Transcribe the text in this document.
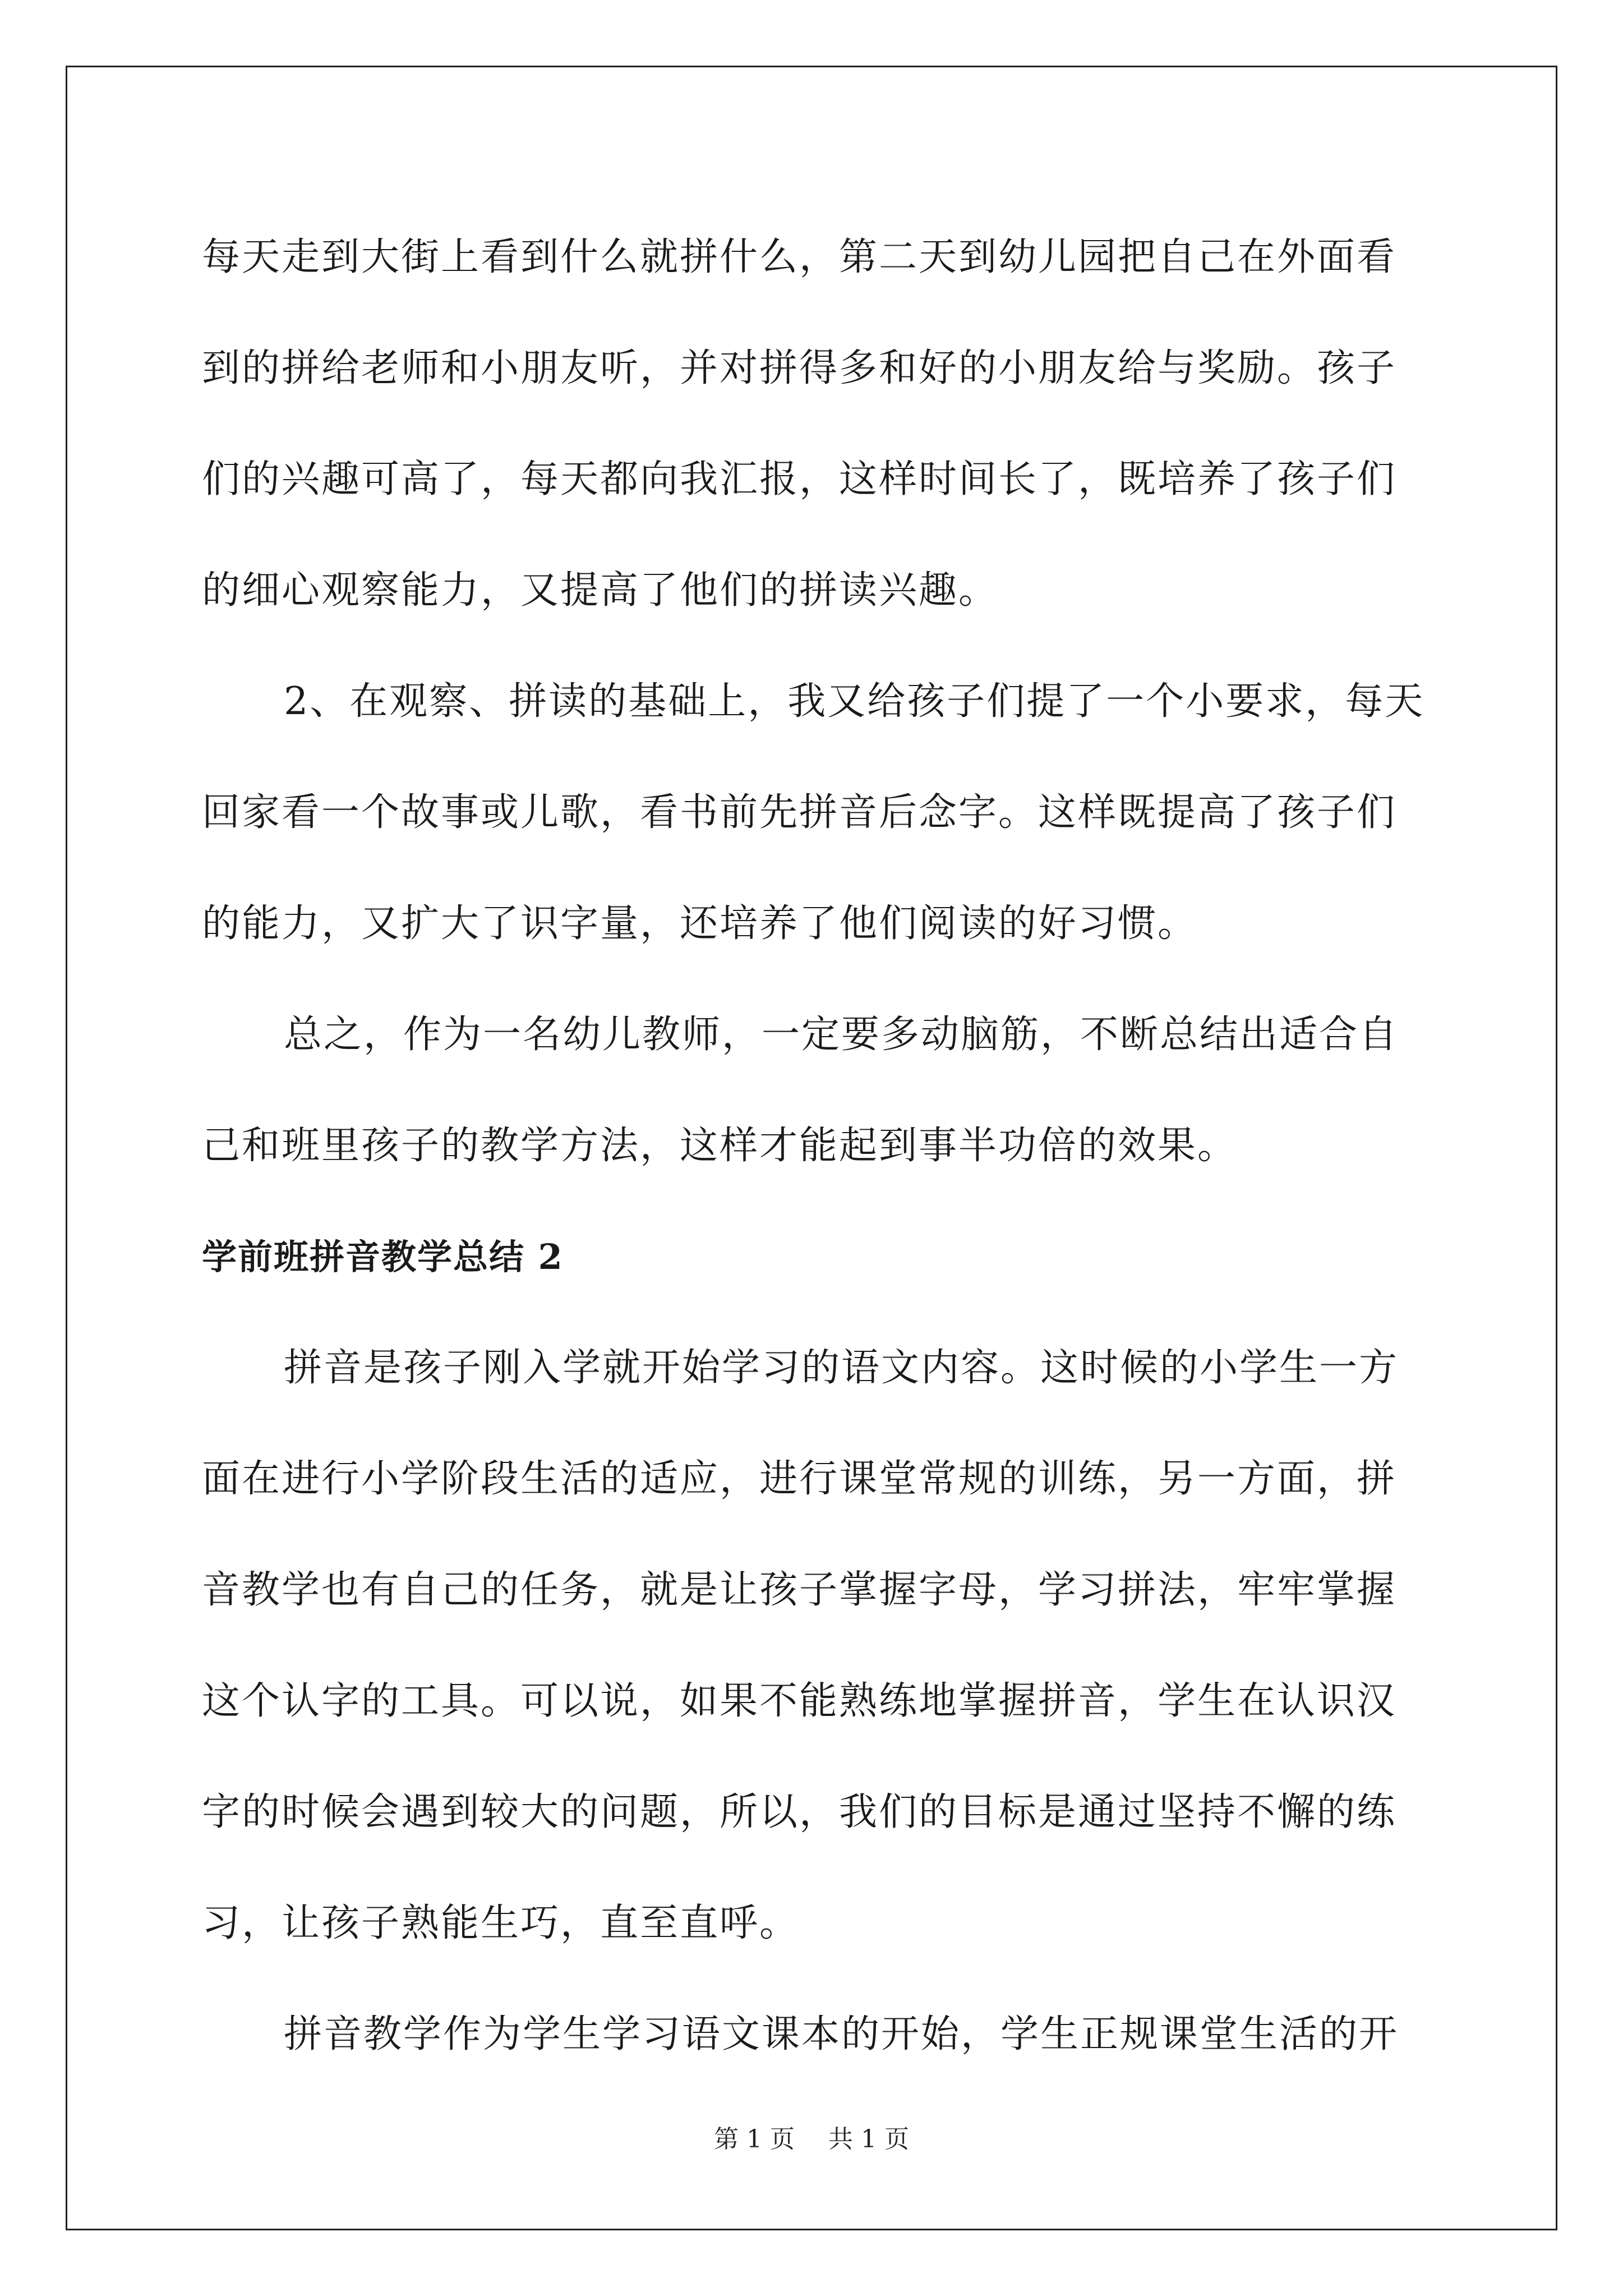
每天走到大街上看到什么就拼什么，第二天到幼儿园把自己在外面看

到的拼给老师和小朋友听，并对拼得多和好的小朋友给与奖励。孩子

们的兴趣可高了，每天都向我汇报，这样时间长了，既培养了孩子们

的细心观察能力，又提高了他们的拼读兴趣。

2、在观察、拼读的基础上，我又给孩子们提了一个小要求，每天

回家看一个故事或儿歌，看书前先拼音后念字。这样既提高了孩子们

的能力，又扩大了识字量，还培养了他们阅读的好习惯。

总之，作为一名幼儿教师，一定要多动脑筋，不断总结出适合自

己和班里孩子的教学方法，这样才能起到事半功倍的效果。

学前班拼音教学总结 2

拼音是孩子刚入学就开始学习的语文内容。这时候的小学生一方

面在进行小学阶段生活的适应，进行课堂常规的训练，另一方面，拼

音教学也有自己的任务，就是让孩子掌握字母，学习拼法，牢牢掌握

这个认字的工具。可以说，如果不能熟练地掌握拼音，学生在认识汉

字的时候会遇到较大的问题，所以，我们的目标是通过坚持不懈的练

习，让孩子熟能生巧，直至直呼。

拼音教学作为学生学习语文课本的开始，学生正规课堂生活的开

第 1 页 共 1 页
